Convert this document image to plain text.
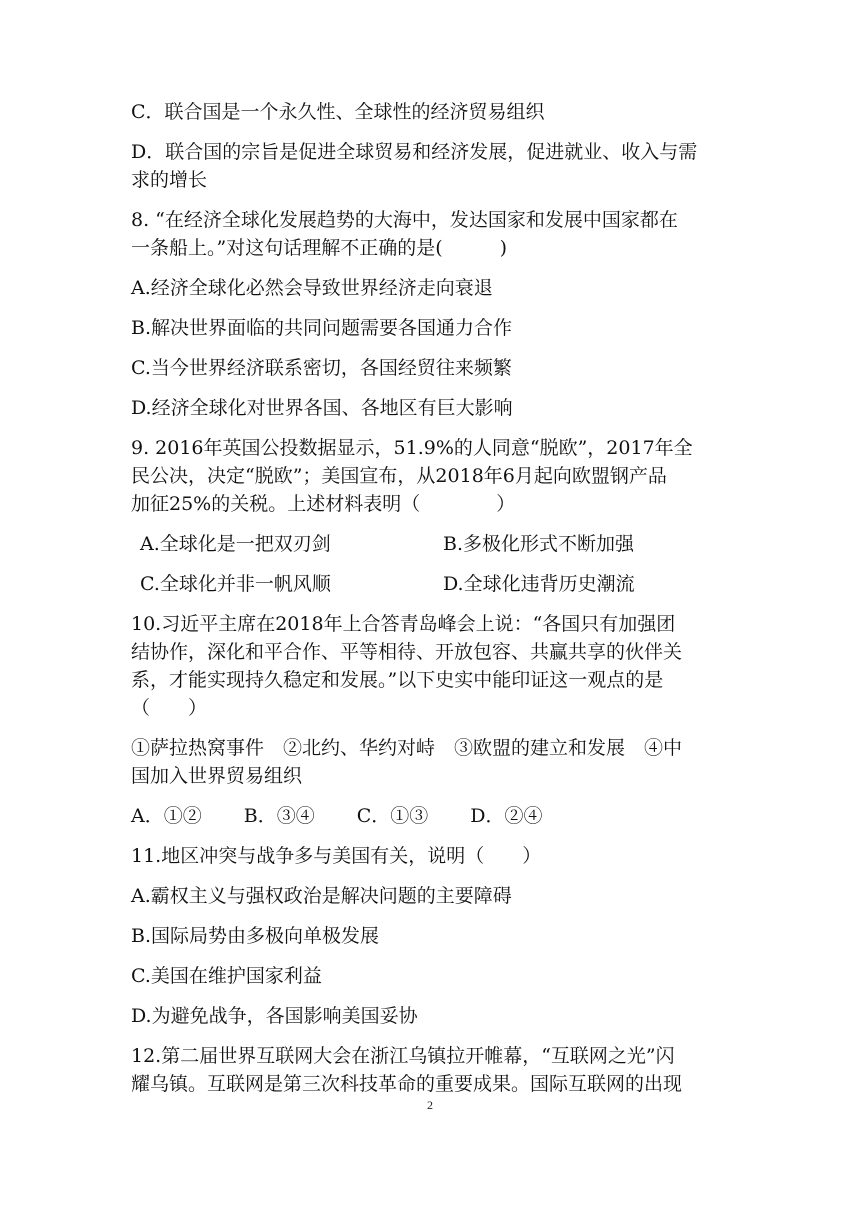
C．联合国是一个永久性、全球性的经济贸易组织

D．联合国的宗旨是促进全球贸易和经济发展，促进就业、收入与需

求的增长

8. “在经济全球化发展趋势的大海中，发达国家和发展中国家都在

一条船上。”对这句话理解不正确的是(　　　)

A.经济全球化必然会导致世界经济走向衰退

B.解决世界面临的共同问题需要各国通力合作

C.当今世界经济联系密切，各国经贸往来频繁

D.经济全球化对世界各国、各地区有巨大影响

9. 2016年英国公投数据显示，51.9%的人同意“脱欧”，2017年全

民公决，决定“脱欧”；美国宣布，从2018年6月起向欧盟钢产品

加征25%的关税。上述材料表明（　　　　）

A.全球化是一把双刃剑	B.多极化形式不断加强
C.全球化并非一帆风顺	D.全球化违背历史潮流

10.习近平主席在2018年上合答青岛峰会上说：“各国只有加强团

结协作，深化和平合作、平等相待、开放包容、共赢共享的伙伴关

系，才能实现持久稳定和发展。”以下史实中能印证这一观点的是

（　　）

①萨拉热窝事件　②北约、华约对峙　③欧盟的建立和发展　④中

国加入世界贸易组织

A．①② B．③④ C．①③ D．②④

11.地区冲突与战争多与美国有关，说明（　　）

A.霸权主义与强权政治是解决问题的主要障碍

B.国际局势由多极向单极发展

C.美国在维护国家利益

D.为避免战争，各国影响美国妥协

12.第二届世界互联网大会在浙江乌镇拉开帷幕，“互联网之光”闪

耀乌镇。互联网是第三次科技革命的重要成果。国际互联网的出现

2
